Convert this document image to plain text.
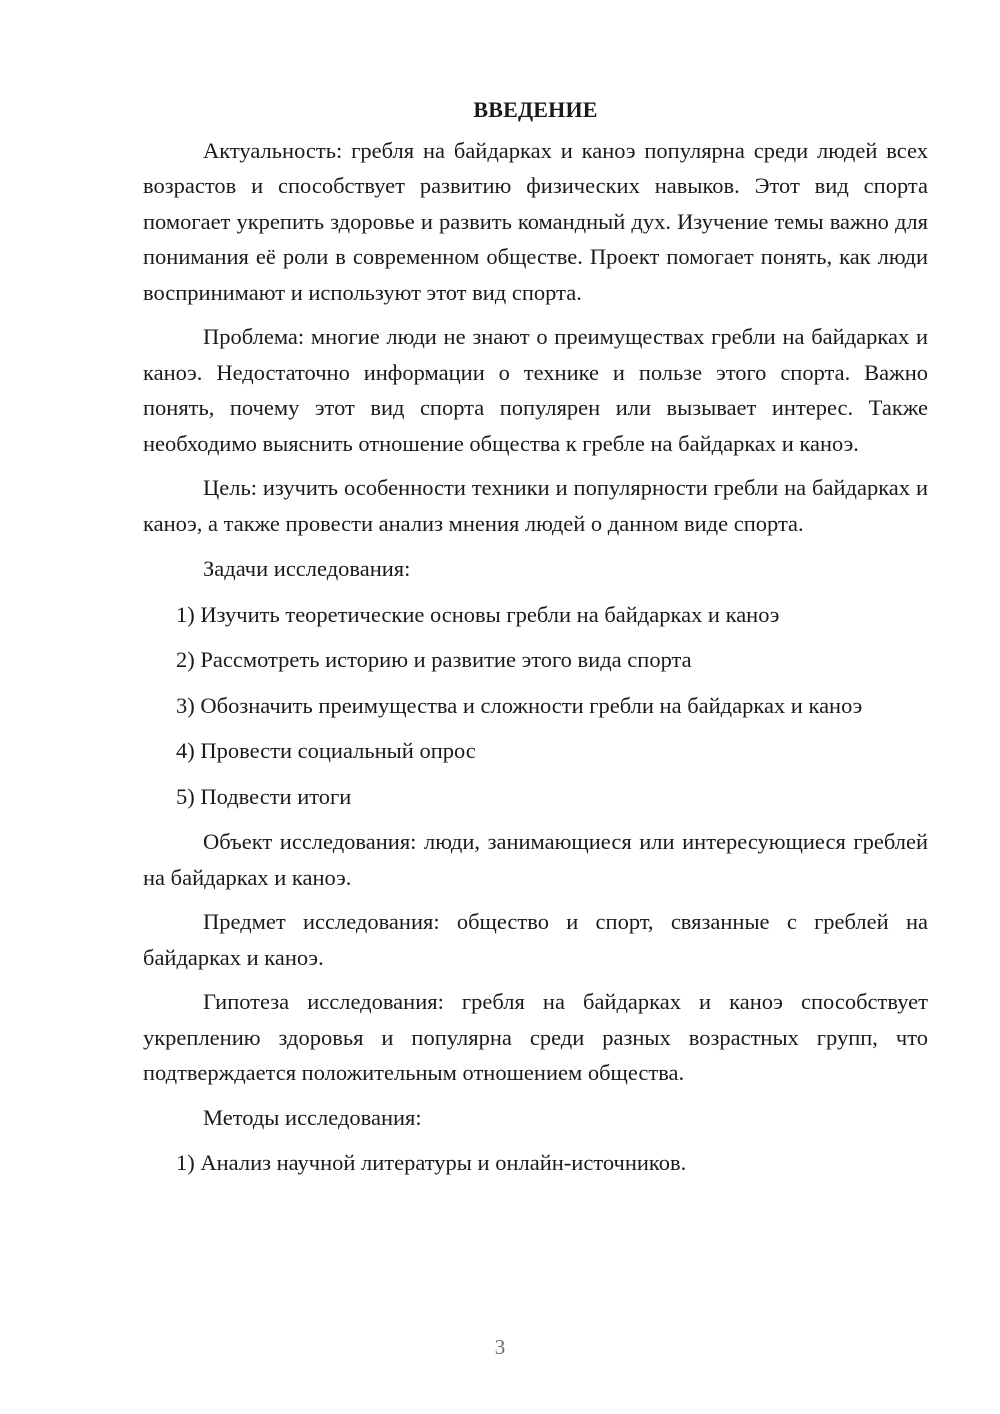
ВВЕДЕНИЕ
Актуальность: гребля на байдарках и каноэ популярна среди людей всех возрастов и способствует развитию физических навыков. Этот вид спорта помогает укрепить здоровье и развить командный дух. Изучение темы важно для понимания её роли в современном обществе. Проект помогает понять, как люди воспринимают и используют этот вид спорта.
Проблема: многие люди не знают о преимуществах гребли на байдарках и каноэ. Недостаточно информации о технике и пользе этого спорта. Важно понять, почему этот вид спорта популярен или вызывает интерес. Также необходимо выяснить отношение общества к гребле на байдарках и каноэ.
Цель: изучить особенности техники и популярности гребли на байдарках и каноэ, а также провести анализ мнения людей о данном виде спорта.
Задачи исследования:
1) Изучить теоретические основы гребли на байдарках и каноэ
2) Рассмотреть историю и развитие этого вида спорта
3) Обозначить преимущества и сложности гребли на байдарках и каноэ
4) Провести социальный опрос
5) Подвести итоги
Объект исследования: люди, занимающиеся или интересующиеся греблей на байдарках и каноэ.
Предмет исследования: общество и спорт, связанные с греблей на байдарках и каноэ.
Гипотеза исследования: гребля на байдарках и каноэ способствует укреплению здоровья и популярна среди разных возрастных групп, что подтверждается положительным отношением общества.
Методы исследования:
1) Анализ научной литературы и онлайн-источников.
3
